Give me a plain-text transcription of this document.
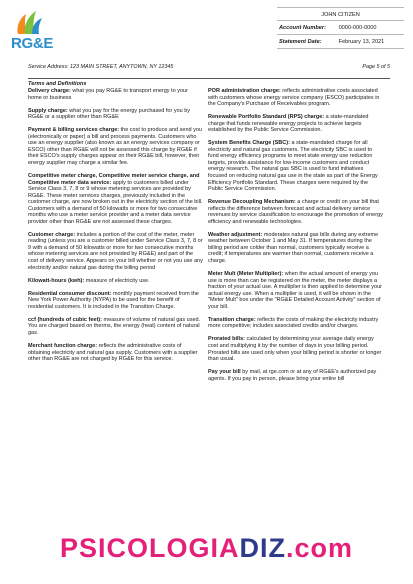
RG&E
JOHN CITIZEN
Account Number: 0000-000-0000
Statement Date:	February 13, 2021
Service Address: 123 MAIN STREET, ANYTOWN, NY 12345	Page 5 of 5
Terms and Definitions
Delivery charge: what you pay RG&E to transport energy to your home or business
Supply charge: what you pay for the energy purchased for you by RG&E or a supplier other than RG&E
Payment & billing services charge: the cost to produce and send you (electronically or paper) a bill and process payments. Customers who use an energy supplier (also known as an energy services company or ESCO) other than RG&E will not be assessed this charge by RG&E if their ESCO's supply charges appear on their RG&E bill, however, their energy supplier may charge a similar fee.
Competitive meter charge, Competitive meter service charge, and Competitive meter data service: apply to customers billed under Service Class 3, 7, 8 or 9 whose metering services are provided by RG&E. These meter services charges, previously included in the customer charge, are now broken out in the electricity section of the bill. Customers with a demand of 50 kilowatts or more for two consecutive months who use a meter service provider and a meter data service provider other than RG&E are not assessed these charges.
Customer charge: includes a portion of the cost of the meter, meter reading (unless you are a customer billed under Service Class 3, 7, 8 or 9 with a demand of 50 kilowatts or more for two consecutive months whose metering services are not provided by RG&E) and part of the cost of delivery service. Appears on your bill whether or not you use any electricity and/or natural gas during the billing period
Kilowatt-hours (kwh): measure of electricity use.
Residential consumer discount: monthly payment received from the New York Power Authority (NYPA) to be used for the benefit of residential customers. It is included in the Transition Charge.
ccf (hundreds of cubic feet): measure of volume of natural gas used. You are charged based on therms, the energy (heat) content of natural gas.
Merchant function charge: reflects the administrative costs of obtaining electricity and natural gas supply. Customers with a supplier other than RG&E are not charged by RG&E for this service.
POR administration charge: reflects administrative costs associated with customers whose energy service company (ESCO) participates in the Company's Purchase of Receivables program.
Renewable Portfolio Standard (RPS) charge: a state-mandated charge that funds renewable energy projects to achieve targets established by the Public Service Commission.
System Benefits Charge (SBC): a state-mandated charge for all electricity and natural gas customers. The electricity SBC is used to fund energy efficiency programs to meet state energy use reduction targets, provide assistance for low-income customers and conduct energy research. The natural gas SBC is used to fund initiatives focused on reducing natural gas use in the state as part of the Energy Efficiency Portfolio Standard. These charges were required by the Public Service Commission.
Revenue Decoupling Mechanism: a charge or credit on your bill that reflects the difference between forecast and actual delivery service revenues by service classification to encourage the promotion of energy efficiency and renewable technologies.
Weather adjustment: moderates natural gas bills during any extreme weather between October 1 and May 31. If temperatures during the billing period are colder than normal, customers typically receive a credit; if temperatures are warmer than normal, customers receive a charge.
Meter Mult (Meter Multiplier): when the actual amount of energy you use is more than can be registered on the meter, the meter displays a fraction of your actual use. A multiplier is then applied to determine your actual energy use. When a multiplier is used, it will be shown in the "Meter Mult" box under the "RG&E Detailed Account Activity" section of your bill.
Transition charge: reflects the costs of making the electricity industry more competitive; includes associated credits and/or charges.
Prorated bills: calculated by determining your average daily energy cost and multiplying it by the number of days in your billing period. Prorated bills are used only when your billing period is shorter or longer than usual.
Pay your bill by mail, at rge.com or at any of RG&E's authorized pay agents. If you pay in person, please bring your entire bill
PSICOLOGIADIZ.com
